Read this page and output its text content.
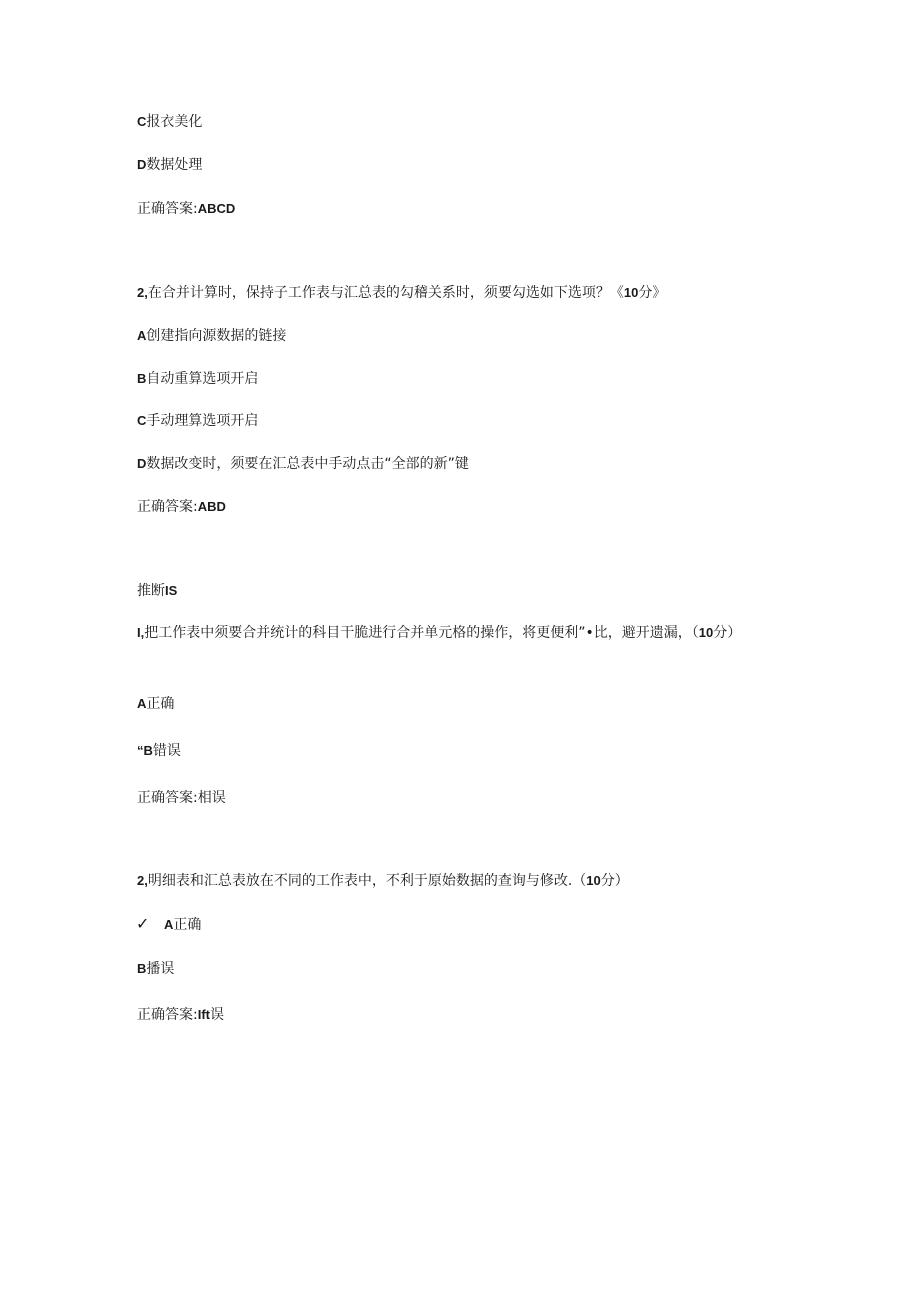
C报衣美化
D数据处理
正确答案:ABCD
2,在合并计算时，保持子工作表与汇总表的勾稽关系时，须要勾选如下选项？《10分》
A创建指向源数据的链接
B自动重算选项开启
C手动理算选项开启
D数据改变时，须要在汇总表中手动点击“全部的新”键
正确答案:ABD
推断IS
I,把工作表中须要合并统计的科目干脆进行合并单元格的操作，将更便利”•比，避开遗漏，（10分）
A正确
“B错误
正确答案:相误
2,明细表和汇总表放在不同的工作表中，不利于原始数据的查询与修改.（10分）
✓ A正确
B播误
正确答案:Ift误
